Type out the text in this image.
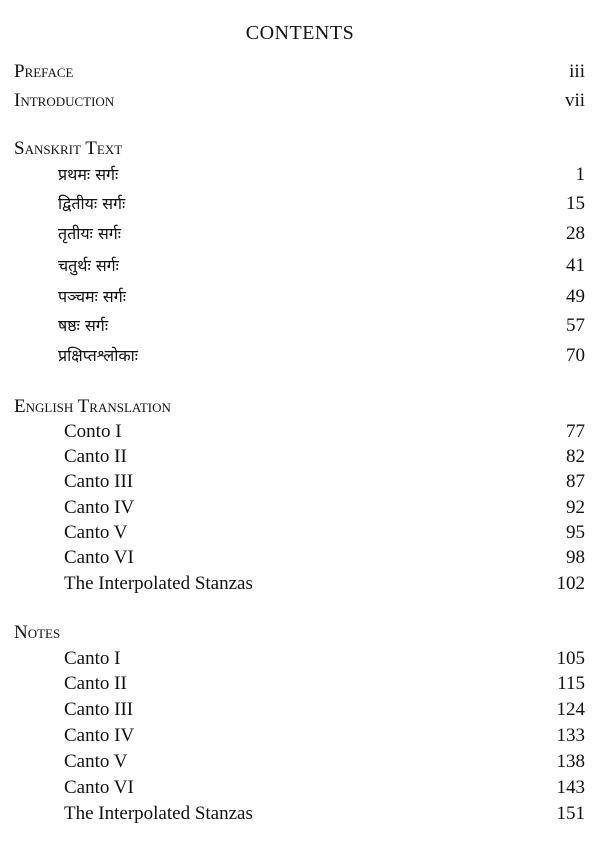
CONTENTS
Preface	iii
Introduction	vii
Sanskrit Text
प्रथमः सर्गः	1
द्वितीयः सर्गः	15
तृतीयः सर्गः	28
चतुर्थः सर्गः	41
पञ्चमः सर्गः	49
षष्ठः सर्गः	57
प्रक्षिप्तश्लोकाः	70
English Translation
Conto I	77
Canto II	82
Canto III	87
Canto IV	92
Canto V	95
Canto VI	98
The Interpolated Stanzas	102
Notes
Canto I	105
Canto II	115
Canto III	124
Canto IV	133
Canto V	138
Canto VI	143
The Interpolated Stanzas	151
